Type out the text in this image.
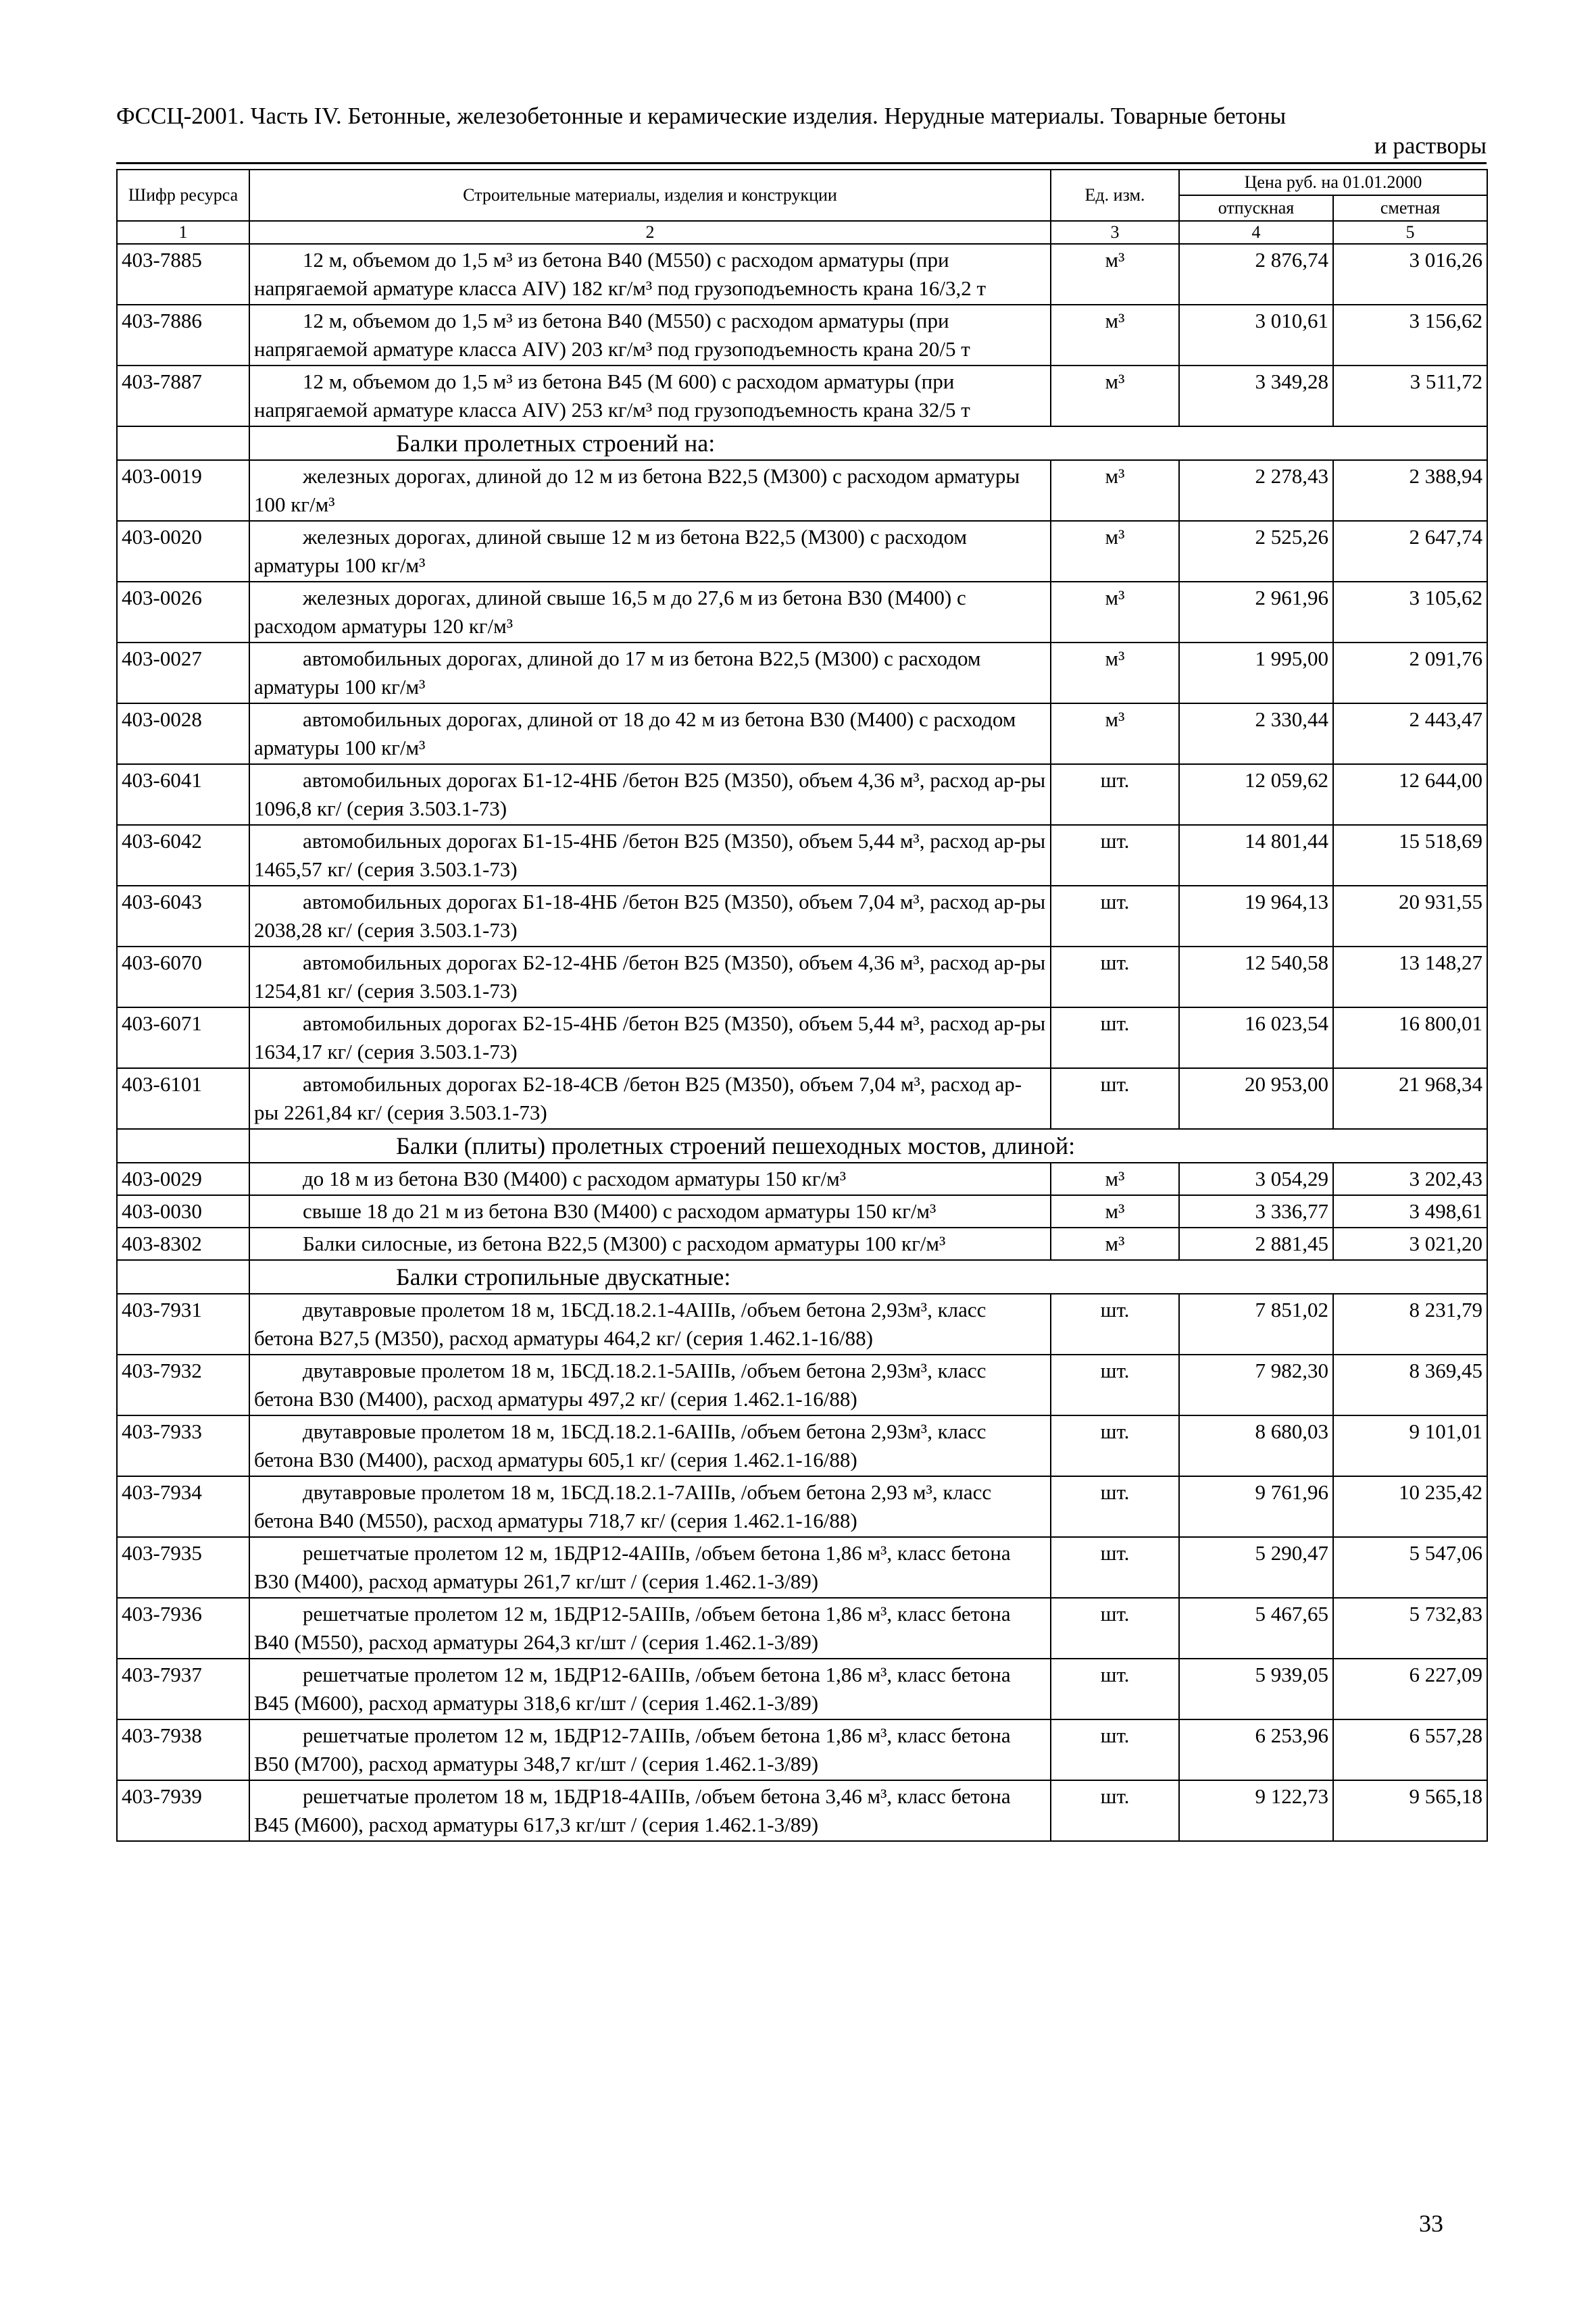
ФССЦ-2001. Часть IV. Бетонные, железобетонные и керамические изделия. Нерудные материалы. Товарные бетоны
и растворы
Шифр ресурса	Строительные материалы, изделия и конструкции	Ед. изм.	Цена руб. на 01.01.2000	
			отпускная	сметная
1	2	3	4	5
403-7885	12 м, объемом до 1,5 м³ из бетона В40 (М550) с расходом арматуры (при напрягаемой арматуре класса AIV) 182 кг/м³ под грузоподъемность крана 16/3,2 т	м³	2 876,74	3 016,26
403-7886	12 м, объемом до 1,5 м³ из бетона В40 (М550) с расходом арматуры (при напрягаемой арматуре класса AIV) 203 кг/м³ под грузоподъемность крана 20/5 т	м³	3 010,61	3 156,62
403-7887	12 м, объемом до 1,5 м³ из бетона В45 (М 600) с расходом арматуры (при напрягаемой арматуре класса AIV) 253 кг/м³ под грузоподъемность крана 32/5 т	м³	3 349,28	3 511,72
	Балки пролетных строений на:			
403-0019	железных дорогах, длиной до 12 м из бетона В22,5 (М300) с расходом арматуры 100 кг/м³	м³	2 278,43	2 388,94
403-0020	железных дорогах, длиной свыше 12 м из бетона В22,5 (М300) с расходом арматуры 100 кг/м³	м³	2 525,26	2 647,74
403-0026	железных дорогах, длиной свыше 16,5 м до 27,6 м из бетона В30 (М400) с расходом арматуры 120 кг/м³	м³	2 961,96	3 105,62
403-0027	автомобильных дорогах, длиной до 17 м из бетона В22,5 (М300) с расходом арматуры 100 кг/м³	м³	1 995,00	2 091,76
403-0028	автомобильных дорогах, длиной от 18 до 42 м из бетона В30 (М400) с расходом арматуры 100 кг/м³	м³	2 330,44	2 443,47
403-6041	автомобильных дорогах Б1-12-4НБ /бетон В25 (М350), объем 4,36 м³, расход ар-ры 1096,8 кг/ (серия 3.503.1-73)	шт.	12 059,62	12 644,00
403-6042	автомобильных дорогах Б1-15-4НБ /бетон В25 (М350), объем 5,44 м³, расход ар-ры 1465,57 кг/ (серия 3.503.1-73)	шт.	14 801,44	15 518,69
403-6043	автомобильных дорогах Б1-18-4НБ /бетон В25 (М350), объем 7,04 м³, расход ар-ры 2038,28 кг/ (серия 3.503.1-73)	шт.	19 964,13	20 931,55
403-6070	автомобильных дорогах Б2-12-4НБ /бетон В25 (М350), объем 4,36 м³, расход ар-ры 1254,81 кг/ (серия 3.503.1-73)	шт.	12 540,58	13 148,27
403-6071	автомобильных дорогах Б2-15-4НБ /бетон В25 (М350), объем 5,44 м³, расход ар-ры 1634,17 кг/ (серия 3.503.1-73)	шт.	16 023,54	16 800,01
403-6101	автомобильных дорогах Б2-18-4СВ /бетон В25 (М350), объем 7,04 м³, расход ар-ры 2261,84 кг/ (серия 3.503.1-73)	шт.	20 953,00	21 968,34
	Балки (плиты) пролетных строений пешеходных мостов, длиной:			
403-0029	до 18 м из бетона В30 (М400) с расходом арматуры 150 кг/м³	м³	3 054,29	3 202,43
403-0030	свыше 18 до 21 м из бетона В30 (М400) с расходом арматуры 150 кг/м³	м³	3 336,77	3 498,61
403-8302	Балки силосные, из бетона В22,5 (М300) с расходом арматуры 100 кг/м³	м³	2 881,45	3 021,20
	Балки стропильные двускатные:			
403-7931	двутавровые пролетом 18 м, 1БСД.18.2.1-4АIIIв, /объем бетона 2,93м³, класс бетона В27,5 (М350), расход арматуры 464,2 кг/ (серия 1.462.1-16/88)	шт.	7 851,02	8 231,79
403-7932	двутавровые пролетом 18 м, 1БСД.18.2.1-5АIIIв, /объем бетона 2,93м³, класс бетона В30 (М400), расход арматуры 497,2 кг/ (серия 1.462.1-16/88)	шт.	7 982,30	8 369,45
403-7933	двутавровые пролетом 18 м, 1БСД.18.2.1-6АIIIв, /объем бетона 2,93м³, класс бетона В30 (М400), расход арматуры 605,1 кг/ (серия 1.462.1-16/88)	шт.	8 680,03	9 101,01
403-7934	двутавровые пролетом 18 м, 1БСД.18.2.1-7АIIIв, /объем бетона 2,93 м³, класс бетона В40 (М550), расход арматуры 718,7 кг/ (серия 1.462.1-16/88)	шт.	9 761,96	10 235,42
403-7935	решетчатые пролетом 12 м, 1БДР12-4АIIIв, /объем бетона 1,86 м³, класс бетона В30 (М400), расход арматуры 261,7 кг/шт / (серия 1.462.1-3/89)	шт.	5 290,47	5 547,06
403-7936	решетчатые пролетом 12 м, 1БДР12-5АIIIв, /объем бетона 1,86 м³, класс бетона В40 (М550), расход арматуры 264,3 кг/шт / (серия 1.462.1-3/89)	шт.	5 467,65	5 732,83
403-7937	решетчатые пролетом 12 м, 1БДР12-6АIIIв, /объем бетона 1,86 м³, класс бетона В45 (М600), расход арматуры 318,6 кг/шт / (серия 1.462.1-3/89)	шт.	5 939,05	6 227,09
403-7938	решетчатые пролетом 12 м, 1БДР12-7АIIIв, /объем бетона 1,86 м³, класс бетона В50 (М700), расход арматуры 348,7 кг/шт / (серия 1.462.1-3/89)	шт.	6 253,96	6 557,28
403-7939	решетчатые пролетом 18 м, 1БДР18-4АIIIв, /объем бетона 3,46 м³, класс бетона В45 (М600), расход арматуры 617,3 кг/шт / (серия 1.462.1-3/89)	шт.	9 122,73	9 565,18
33
